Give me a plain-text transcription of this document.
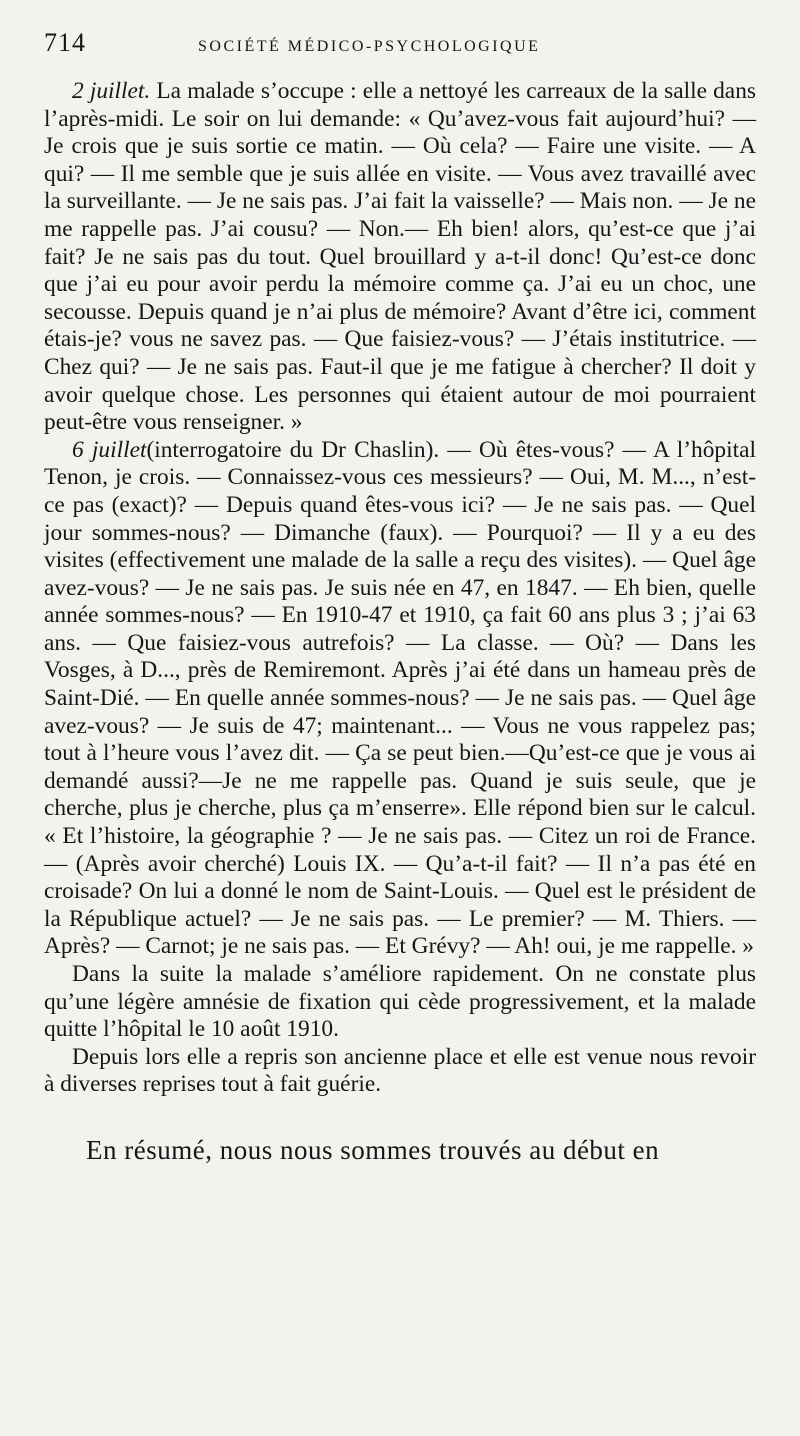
714	SOCIÉTÉ MÉDICO-PSYCHOLOGIQUE

2 juillet. La malade s’occupe : elle a nettoyé les carreaux de la salle dans l’après-midi. Le soir on lui demande: « Qu’avez-vous fait aujourd’hui? — Je crois que je suis sortie ce matin. — Où cela? — Faire une visite. — A qui? — Il me semble que je suis allée en visite. — Vous avez travaillé avec la surveillante. — Je ne sais pas. J’ai fait la vaisselle? — Mais non. — Je ne me rappelle pas. J’ai cousu? — Non.— Eh bien! alors, qu’est-ce que j’ai fait? Je ne sais pas du tout. Quel brouillard y a-t-il donc! Qu’est-ce donc que j’ai eu pour avoir perdu la mémoire comme ça. J’ai eu un choc, une secousse. Depuis quand je n’ai plus de mémoire? Avant d’être ici, comment étais-je? vous ne savez pas. — Que faisiez-vous? — J’étais institutrice. — Chez qui? — Je ne sais pas. Faut-il que je me fatigue à chercher? Il doit y avoir quelque chose. Les personnes qui étaient autour de moi pourraient peut-être vous renseigner. »

6 juillet(interrogatoire du Dr Chaslin). — Où êtes-vous? — A l’hôpital Tenon, je crois. — Connaissez-vous ces messieurs? — Oui, M. M..., n’est-ce pas (exact)? — Depuis quand êtes-vous ici? — Je ne sais pas. — Quel jour sommes-nous? — Dimanche (faux). — Pourquoi? — Il y a eu des visites (effectivement une malade de la salle a reçu des visites). — Quel âge avez-vous? — Je ne sais pas. Je suis née en 47, en 1847. — Eh bien, quelle année sommes-nous? — En 1910-47 et 1910, ça fait 60 ans plus 3 ; j’ai 63 ans. — Que faisiez-vous autrefois? — La classe. — Où? — Dans les Vosges, à D..., près de Remiremont. Après j’ai été dans un hameau près de Saint-Dié. — En quelle année sommes-nous? — Je ne sais pas. — Quel âge avez-vous? — Je suis de 47; maintenant... — Vous ne vous rappelez pas; tout à l’heure vous l’avez dit. — Ça se peut bien.—Qu’est-ce que je vous ai demandé aussi?—Je ne me rappelle pas. Quand je suis seule, que je cherche, plus je cherche, plus ça m’enserre». Elle répond bien sur le calcul. « Et l’histoire, la géographie ? — Je ne sais pas. — Citez un roi de France. — (Après avoir cherché) Louis IX. — Qu’a-t-il fait? — Il n’a pas été en croisade? On lui a donné le nom de Saint-Louis. — Quel est le président de la République actuel? — Je ne sais pas. — Le premier? — M. Thiers. — Après? — Carnot; je ne sais pas. — Et Grévy? — Ah! oui, je me rappelle. »

Dans la suite la malade s’améliore rapidement. On ne constate plus qu’une légère amnésie de fixation qui cède progressivement, et la malade quitte l’hôpital le 10 août 1910.

Depuis lors elle a repris son ancienne place et elle est venue nous revoir à diverses reprises tout à fait guérie.

En résumé, nous nous sommes trouvés au début en
